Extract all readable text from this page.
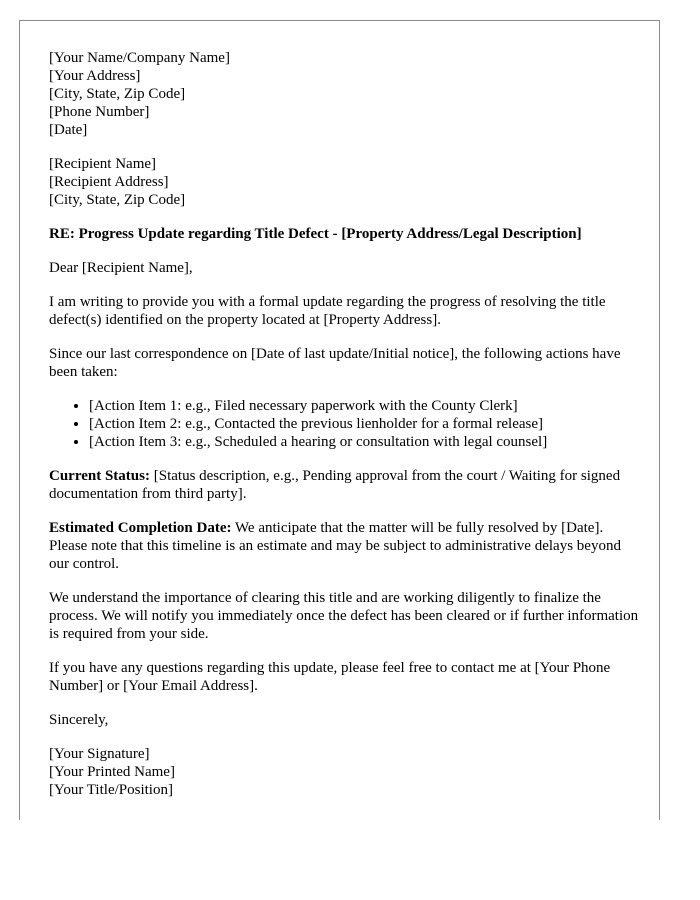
[Your Name/Company Name]
[Your Address]
[City, State, Zip Code]
[Phone Number]
[Date]
[Recipient Name]
[Recipient Address]
[City, State, Zip Code]

RE: Progress Update regarding Title Defect - [Property Address/Legal Description]

Dear [Recipient Name],

I am writing to provide you with a formal update regarding the progress of resolving the title defect(s) identified on the property located at [Property Address].

Since our last correspondence on [Date of last update/Initial notice], the following actions have been taken:

• [Action Item 1: e.g., Filed necessary paperwork with the County Clerk]
• [Action Item 2: e.g., Contacted the previous lienholder for a formal release]
• [Action Item 3: e.g., Scheduled a hearing or consultation with legal counsel]

Current Status: [Status description, e.g., Pending approval from the court / Waiting for signed documentation from third party].

Estimated Completion Date: We anticipate that the matter will be fully resolved by [Date]. Please note that this timeline is an estimate and may be subject to administrative delays beyond our control.

We understand the importance of clearing this title and are working diligently to finalize the process. We will notify you immediately once the defect has been cleared or if further information is required from your side.

If you have any questions regarding this update, please feel free to contact me at [Your Phone Number] or [Your Email Address].

Sincerely,

[Your Signature]
[Your Printed Name]
[Your Title/Position]
